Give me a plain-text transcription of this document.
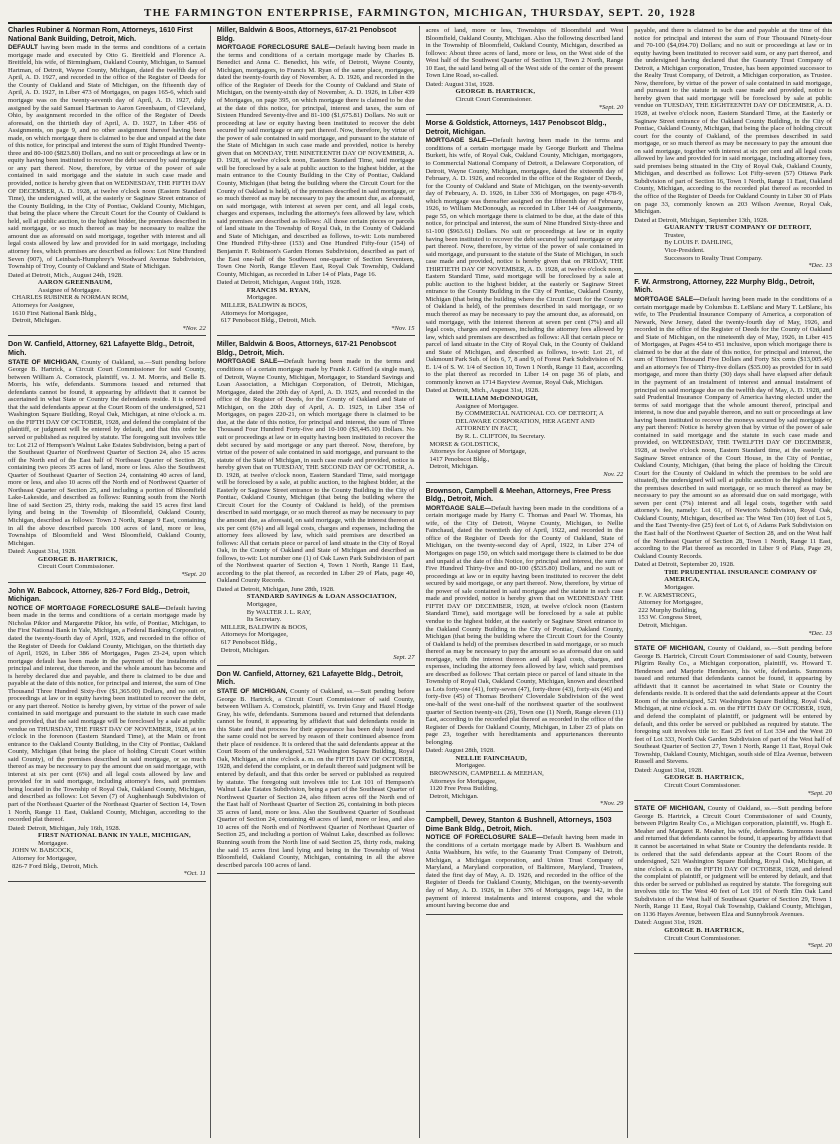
THE FARMINGTON ENTERPRISE, FARMINGTON, MICHIGAN, THURSDAY, SEPT. 20, 1928
Charles Rubiner & Norman Rom, Attorneys, 1610 First National Bank Building, Detroit, Mich.
DEFAULT having been made in the terms and conditions of a certain mortgage made and executed by Otto G. Breitfeld and Florence A. Breitfeld, his wife, of Birmingham, Oakland County, Michigan, to Samuel Hartman, of Detroit, Wayne County, Michigan, dated the twelfth day of April, A. D. 1927, and recorded in the office of the Register of Deeds for the County of Oakland and State of Michigan, on the fifteenth day of April, A. D. 1927, in Liber 473 of Mortgages, on pages 165-6, which said mortgage was on the twenty-seventh day of April, A. D. 1927, duly assigned by the said Samuel Hartman to Aaron Greenbaum, of Cleveland, Ohio, by assignment recorded in the office of the Register of Deeds aforesaid, on the thirtieth day of April, A. D. 1927, in Liber 456 of Assignments, on page 9, and no other assignment thereof having been made, on which mortgage there is claimed to be due and unpaid at the date of this notice, for principal and interest the sum of Eight Hundred Twenty-three and 80-100 ($823.80) Dollars, and no suit or proceedings at law or in equity having been instituted to recover the debt secured by said mortgage or any part thereof. Now, therefore, by virtue of the power of sale contained in said mortgage and the statute in such case made and provided, notice is hereby given that on WEDNESDAY, THE FIFTH DAY OF DECEMBER, A. D. 1928, at twelve o'clock noon (Eastern Standard Time), the undersigned will, at the easterly or Saginaw Street entrance of the County Building, in the City of Pontiac, Oakland County, Michigan, that being the place where the Circuit Court for the County of Oakland is held, sell at public auction, to the highest bidder, the premises described in said mortgage, or so much thereof as may be necessary to realize the amount due as aforesaid on said mortgage, together with interest and all legal costs allowed by law and provided for in said mortgage, including attorney fees, which premises are described as follows: Lot Nine Hundred Seven (907), of Leinbach-Humphrey's Woodward Avenue Subdivision, Township of Troy, County of Oakland and State of Michigan.
Dated at Detroit, Mich., August 24th, 1928.
AARON GREENBAUM,
Assignee of Mortgagee.
CHARLES RUBINER & NORMAN ROM,
Attorneys for Assignee,
1610 First National Bank Bldg.,
Detroit, Michigan.
*Nov. 22
Don W. Canfield, Attorney, 621 Lafayette Bldg., Detroit, Mich.
STATE OF MICHIGAN, County of Oakland, ss.—Suit pending before George B. Hartrick, a Circuit Court Commissioner for said County, between William A. Comstock, plaintiff, vs. J. M. Morris, and Belle B. Morris, his wife, defendants. Summons issued and returned that defendants cannot be found, it appearing by affidavit that it cannot be ascertained in what State or Country the defendants reside. It is ordered that the said defendants appear at the Court Room of the undersigned, 521 Washington Square Building, Royal Oak, Michigan, at nine o'clock a. m. on the FIFTH DAY OF OCTOBER, 1928, and defend the complaint of the plaintiff, or judgment will be entered by default, and that this order be served or published as required by statute. The foregoing suit involves title to: Lot 212 of Hempson's Walnut Lake Estates Subdivision, being a part of the Southeast Quarter of Northwest Quarter of Section 24, also 15 acres off the North end of the East half of Northeast Quarter of Section 26, containing two pieces 35 acres of land, more or less. Also the Southwest Quarter of Southeast Quarter of Section 24, containing 40 acres of land, more or less, and also 10 acres off the North end of Northwest Quarter of Northeast Quarter of Section 25, and including a portion of Bloomfield Lake-Lakeside, and described as follows: Running south from the North line of said Section 25, thirty rods, making the said 15 acres first land lying and being in the Township of Bloomfield, Oakland County, Michigan, described as follows: Town 2 North, Range 9 East, containing in all the above described parcels 100 acres of land, more or less, Townships of Bloomfield and West Bloomfield, Oakland County, Michigan.
Dated: August 31st, 1928.
GEORGE B. HARTRICK,
Circuit Court Commissioner.
*Sept. 20
John W. Babcock, Attorney, 826-7 Ford Bldg., Detroit, Michigan.
NOTICE OF MORTGAGE FORECLOSURE SALE—Default having been made in the terms and conditions of a certain mortgage made by Nicholas Pikior and Margarette Pikior, his wife, of Pontiac, Michigan, to the First National Bank in Yale, Michigan, a Federal Banking Corporation, dated the twenty-fourth day of April, 1926, and recorded in the office of the Register of Deeds for Oakland County, Michigan, on the thirtieth day of April, 1926, in Liber 386 of Mortgages, Pages 23-24, upon which mortgage default has been made in the payment of the instalments of principal and interest, due thereon, and the whole amount has become and is hereby declared due and payable, and there is claimed to be due and payable at the date of this notice, for principal and interest, the sum of One Thousand Three Hundred Sixty-five ($1,365.00) Dollars, and no suit or proceedings at law or in equity having been instituted to recover the debt, or any part thereof. Notice is hereby given, by virtue of the power of sale contained in said mortgage and pursuant to the statute in such case made and provided, that the said mortgage will be foreclosed by a sale at public vendue on THURSDAY, THE FIRST DAY OF NOVEMBER, 1928, at ten o'clock in the forenoon (Eastern Standard Time), at the Main or front entrance to the Oakland County Building, in the City of Pontiac, Oakland County, Michigan (that being the place of holding Circuit Court within said County), of the premises described in said mortgage, or so much thereof as may be necessary to pay the amount due on said mortgage, with interest at six per cent (6%) and all legal costs allowed by law and provided for in said mortgage, including attorney's fees, said premises being located in the Township of Royal Oak, Oakland County, Michigan, and described as follows: Lot Seven (7) of Aughenbaugh Subdivision of part of the Northeast Quarter of the Northeast Quarter of Section 14, Town 1 North, Range 11 East, Oakland County, Michigan, according to the recorded plat thereof.
Dated: Detroit, Michigan, July 16th, 1928.
FIRST NATIONAL BANK IN YALE, MICHIGAN,
Mortgagee.
JOHN W. BABCOCK,
Attorney for Mortgagee,
826-7 Ford Bldg., Detroit, Mich.
*Oct. 11
Miller, Baldwin & Boos, Attorneys, 617-21 Penobscot Bldg.
MORTGAGE FORECLOSURE SALE—Default having been made in the terms and conditions of a certain mortgage made by Charles B. Benedict and Anna C. Benedict, his wife, of Detroit, Wayne County, Michigan, mortgagors, to Francis M. Ryan of the same place, mortgagee, dated the twenty-fourth day of November, A. D. 1926, and recorded in the office of the Register of Deeds for the County of Oakland and State of Michigan, on the twenty-sixth day of November, A. D. 1926, in Liber 439 of Mortgages, on page 395, on which mortgage there is claimed to be due at the date of this notice, for principal, interest and taxes, the sum of Sixteen Hundred Seventy-five and 81-100 ($1,675.81) Dollars. No suit or proceeding at law or equity having been instituted to recover the debt secured by said mortgage or any part thereof. Now, therefore, by virtue of the power of sale contained in said mortgage, and pursuant to the statute of the State of Michigan in such case made and provided, notice is hereby given that on MONDAY, THE NINETEENTH DAY OF NOVEMBER, A. D. 1928, at twelve o'clock noon, Eastern Standard Time, said mortgage will be foreclosed by a sale at public auction to the highest bidder, at the main entrance to the County Building in the City of Pontiac, Oakland County, Michigan (that being the building where the Circuit Court for the County of Oakland is held), of the premises described in said mortgage, or so much thereof as may be necessary to pay the amount due, as aforesaid, on said mortgage, with interest at seven per cent, and all legal costs, charges and expenses, including the attorney's fees allowed by law, which said premises are described as follows: All those certain pieces or parcels of land situate in the Township of Royal Oak, in the County of Oakland and State of Michigan, and described as follows, to-wit: Lots numbered One Hundred Fifty-three (153) and One Hundred Fifty-four (154) of Benjamin F. Robinson's Garden Homes Subdivision, described as part of the East one-half of the Southwest one-quarter of Section Seventeen, Town One North, Range Eleven East, Royal Oak Township, Oakland County, Michigan, as recorded in Liber 14 of Plats, Page 16.
Dated at Detroit, Michigan, August 16th, 1928.
FRANCIS M. RYAN,
Mortgagee.
MILLER, BALDWIN & BOOS,
Attorneys for Mortgagee,
617 Penobscot Bldg., Detroit, Mich.
*Nov. 15
Miller, Baldwin & Boos, Attorneys, 617-21 Penobscot Bldg., Detroit, Mich.
MORTGAGE SALE—Default having been made in the terms and conditions of a certain mortgage made by Frank J. Gifford (a single man), of Detroit, Wayne County, Michigan, Mortgagor, to Standard Savings and Loan Association, a Michigan Corporation, of Detroit, Michigan, Mortgagee, dated the 20th day of April, A. D. 1925, and recorded in the office of the Register of Deeds, for the County of Oakland and State of Michigan, on the 20th day of April, A. D. 1925, in Liber 354 of Mortgages, on pages 220-21, on which mortgage there is claimed to be due, at the date of this notice, for principal and interest, the sum of Three Thousand Four Hundred Forty-five and 10-100 ($3,445.10) Dollars. No suit or proceedings at law or in equity having been instituted to recover the debt secured by said mortgage or any part thereof. Now, therefore, by virtue of the power of sale contained in said mortgage, and pursuant to the statute of the State of Michigan, in such case made and provided, notice is hereby given that on TUESDAY, THE SECOND DAY OF OCTOBER, A. D. 1928, at twelve o'clock noon, Eastern Standard Time, said mortgage will be foreclosed by a sale, at public auction, to the highest bidder, at the Easterly or Saginaw Street entrance to the County Building in the City of Pontiac, Oakland County, Michigan (that being the building where the Circuit Court for the County of Oakland is held), of the premises described in said mortgage, or so much thereof as may be necessary to pay the amount due, as aforesaid, on said mortgage, with the interest thereon at six per cent (6%) and all legal costs, charges and expenses, including the attorney fees allowed by law, which said premises are described as follows: All that certain piece or parcel of land situate in the City of Royal Oak, in the County of Oakland and State of Michigan and described as follows, to-wit: Lot number one (1) of Oak Lawn Park Subdivision of part of the Northwest quarter of Section 4, Town 1 North, Range 11 East, according to the plat thereof, as recorded in Liber 29 of Plats, page 40, Oakland County Records.
Dated at Detroit, Michigan, June 28th, 1928.
STANDARD SAVINGS & LOAN ASSOCIATION,
Mortgagee,
By WALTER J. L. RAY,
Its Secretary.
MILLER, BALDWIN & BOOS,
Attorneys for Mortgagee,
617 Penobscot Bldg.,
Detroit, Michigan.
Sept. 27
Don W. Canfield, Attorney, 621 Lafayette Bldg., Detroit, Mich.
STATE OF MICHIGAN, County of Oakland, ss.—Suit pending before George B. Hartrick, a Circuit Court Commissioner of said County, between William A. Comstock, plaintiff, vs. Irvin Gray and Hazel Hodge Gray, his wife, defendants. Summons issued and returned that defendants cannot be found, it appearing by affidavit that said defendants reside in this State and that process for their appearance has been duly issued and the same could not be served by reason of their continued absence from their place of residence. It is ordered that the said defendants appear at the Court Room of the undersigned, 521 Washington Square Building, Royal Oak, Michigan, at nine o'clock a. m. on the FIFTH DAY OF OCTOBER, 1928, and defend the complaint, or in default thereof said judgment will be entered by default, and that this order be served or published as required by statute. The foregoing suit involves title to: Lot 101 of Hempson's Walnut Lake Estates Subdivision, being a part of the Southeast Quarter of Northwest Quarter of Section 24, also fifteen acres off the North end of the East half of Northeast Quarter of Section 26, containing in both pieces 35 acres of land, more or less. Also the Southwest Quarter of Southeast Quarter of Section 24, containing 40 acres of land, more or less, and also 10 acres off the North end of Northwest Quarter of Northeast Quarter of Section 25, and including a portion of Walnut Lake, described as follows: Running south from the North line of said Section 25, thirty rods, making the said 15 acres first land lying and being in the Township of West Bloomfield, Oakland County, Michigan, containing in all the above described parcels 100 acres of land.
acres of land, more or less, Townships of Bloomfield and West Bloomfield, Oakland County, Michigan. Also the following described land in the Township of Bloomfield, Oakland County, Michigan, described as follows: About three acres of land, more or less, on the West side of the West half of the Southwest Quarter of Section 13, Town 2 North, Range 10 East, the said land being all of the West side of the center of the present Town Line Road, so-called.
Dated: August 31st, 1928.
GEORGE B. HARTRICK,
Circuit Court Commissioner.
*Sept. 20
Morse & Goldstick, Attorneys, 1417 Penobscot Bldg., Detroit, Michigan.
MORTGAGE SALE—Default having been made in the terms and conditions of a certain mortgage made by George Burkett and Thelma Burkett, his wife, of Royal Oak, Oakland County, Michigan, mortgagors, to Commercial National Company of Detroit, a Delaware Corporation, of Detroit, Wayne County, Michigan, mortgagee, dated the sixteenth day of February, A. D. 1926, and recorded in the office of the Register of Deeds, for the County of Oakland and State of Michigan, on the twenty-seventh day of February, A. D. 1926, in Liber 336 of Mortgages, on page 478-9, which mortgage was thereafter assigned on the fifteenth day of February, 1926, to William McDonough, as recorded in Liber 144 of Assignments, page 55, on which mortgage there is claimed to be due, at the date of this notice, for principal and interest, the sum of Nine Hundred Sixty-three and 61-100 ($963.61) Dollars. No suit or proceedings at law or in equity having been instituted to recover the debt secured by said mortgage or any part thereof. Now, therefore, by virtue of the power of sale contained in said mortgage, and pursuant to the statute of the State of Michigan, in such case made and provided, notice is hereby given that on FRIDAY, THE THIRTIETH DAY OF NOVEMBER, A. D. 1928, at twelve o'clock noon, Eastern Standard Time, said mortgage will be foreclosed by a sale at public auction to the highest bidder, at the easterly or Saginaw Street entrance to the County Building in the City of Pontiac, Oakland County, Michigan (that being the building where the Circuit Court for the County of Oakland is held), of the premises described in said mortgage, or so much thereof as may be necessary to pay the amount due, as aforesaid, on said mortgage, with the interest thereon at seven per cent (7%) and all legal costs, charges and expenses, including the attorney fees allowed by law, which said premises are described as follows: All that certain piece or parcel of land situate in the City of Royal Oak, in the County of Oakland and State of Michigan, and described as follows, to-wit: Lot 21, of Oakmount Park Sub. of lots 6, 7, 8 and 9, of Forest Park Subdivision of N. E. 1/4 of S. W. 1/4 of Section 10, Town 1 North, Range 11 East, according to the plat thereof as recorded in Liber 14 on page 36 of plats, and commonly known as 1714 Bayview Avenue, Royal Oak, Michigan.
Dated at Detroit, Mich., August 31st, 1928.
WILLIAM McDONOUGH,
Assignee of Mortgagee.
By COMMERCIAL NATIONAL CO. OF DETROIT, A DELAWARE CORPORATION, HER AGENT AND ATTORNEY IN FACT,
By R. L. CLIFTON, Its Secretary.
MORSE & GOLDSTICK,
Attorneys for Assignee of Mortgage,
1417 Penobscot Bldg.,
Detroit, Michigan.
Nov. 22
Brownson, Campbell & Meehan, Attorneys, Free Press Bldg., Detroit, Mich.
MORTGAGE SALE—Default having been made in the conditions of a certain mortgage made by Harry C. Thomas and Pearl W. Thomas, his wife, of the City of Detroit, Wayne County, Michigan, to Nellie Fainchaud, dated the twentieth day of April, 1922, and recorded in the office of the Register of Deeds for the County of Oakland, State of Michigan, on the twenty-second day of April, 1922, in Liber 274 of Mortgages on page 150, on which said mortgage there is claimed to be due and unpaid at the date of this Notice, for principal and interest, the sum of Five Hundred Thirty-five and 80-100 ($535.80) Dollars, and no suit or proceedings at law or in equity having been instituted to recover the debt secured by said mortgage, or any part thereof. Now, therefore, by virtue of the power of sale contained in said mortgage and the statute in such case made and provided, notice is hereby given that on WEDNESDAY THE FIFTH DAY OF DECEMBER, 1928, at twelve o'clock noon (Eastern Standard Time), said mortgage will be foreclosed by a sale at public vendue to the highest bidder, at the easterly or Saginaw Street entrance to the Oakland County Building in the City of Pontiac, Oakland County, Michigan (that being the building where the Circuit Court for the County of Oakland is held) of the premises described in said mortgage, or so much thereof as may be necessary to pay the amount so as aforesaid due on said mortgage, with the interest thereon and all legal costs, charges, and expenses, including the attorney fees allowed by law, which said premises are described as follows: That certain piece or parcel of land situate in the Township of Royal Oak, Oakland County, Michigan, known and described as Lots forty-one (41), forty-seven (47), forty-three (43), forty-six (46) and forty-five (45) of Thomas Brothers' Cloverdale Subdivision of the west one-half of the west one-half of the northwest quarter of the southwest quarter of Section twenty-six (26), Town one (1) North, Range eleven (11) East, according to the recorded plat thereof as recorded in the office of the Register of Deeds for Oakland County, Michigan, in Liber 23 of plats on page 23, together with hereditaments and appurtenances thereunto belonging.
Dated: August 28th, 1928.
NELLIE FAINCHAUD,
Mortgagee.
BROWNSON, CAMPBELL & MEEHAN,
Attorneys for Mortgagee,
1120 Free Press Building,
Detroit, Michigan.
*Nov. 29
Campbell, Dewey, Stanton & Bushnell, Attorneys, 1503 Dime Bank Bldg., Detroit, Mich.
NOTICE OF FORECLOSURE SALE—Default having been made in the conditions of a certain mortgage made by Albert B. Washburn and Anita Washburn, his wife, to the Guaranty Trust Company of Detroit, Michigan, a Michigan corporation, and Union Trust Company of Maryland, a Maryland corporation, of Baltimore, Maryland, Trustees, dated the first day of May, A. D. 1926, and recorded in the office of the Register of Deeds for Oakland County, Michigan, on the twenty-seventh day of May, A. D. 1926, in Liber 376 of Mortgages, page 142, in the payment of interest instalments and interest coupons, and the whole amount having become due and
payable, and there is claimed to be due and payable at the time of this notice for principal and interest the sum of Four Thousand Ninety-four and 70-100 ($4,094.70) Dollars; and no suit or proceedings at law or in equity having been instituted to recover said sum, or any part thereof, and the undersigned having declared that the Guaranty Trust Company of Detroit, a Michigan corporation, Trustee, has been appointed successor to the Realty Trust Company, of Detroit, a Michigan corporation, as Trustee. Now, therefore, by virtue of the power of sale contained in said mortgage, and pursuant to the statute in such case made and provided, notice is hereby given that said mortgage will be foreclosed by sale at public vendue on TUESDAY, THE EIGHTEENTH DAY OF DECEMBER, A. D. 1928, at twelve o'clock noon, Eastern Standard Time, at the Easterly or Saginaw Street entrance of the Oakland County Building, in the City of Pontiac, Oakland County, Michigan, that being the place of holding circuit court for the county of Oakland, of the premises described in said mortgage, or so much thereof as may be necessary to pay the amount due on said mortgage, together with interest at six per cent and all legal costs allowed by law and provided for in said mortgage, including attorney fees, said premises being situated in the City of Royal Oak, Oakland County, Michigan, and described as follows: Lot Fifty-seven (57) Ottawa Park Subdivision of part of Section 16, Town 1 North, Range 11 East, Oakland County, Michigan, according to the recorded plat thereof as recorded in the office of the Register of Deeds for Oakland County in Liber 30 of Plats on page 33, commonly known as 203 Wilson Avenue, Royal Oak, Michigan.
Dated at Detroit, Michigan, September 13th, 1928.
GUARANTY TRUST COMPANY OF DETROIT,
Trustee,
By LOUIS F. DAHLING,
Vice-President.
Successors to Realty Trust Company.
*Dec. 13
F. W. Armstrong, Attorney, 222 Murphy Bldg., Detroit, Mich.
MORTGAGE SALE—Default having been made in the conditions of a certain mortgage made by Columbus E. LeBlanc and Mary T. LeBlanc, his wife, to The Prudential Insurance Company of America, a corporation of Newark, New Jersey, dated the twenty-fourth day of May, 1926, and recorded in the office of the Register of Deeds for the County of Oakland and State of Michigan, on the nineteenth day of May, 1926, in Liber 415 of Mortgages, at Pages 454 to 451 inclusive, upon which mortgage there is claimed to be due at the date of this notice, for principal and interest, the sum of Thirteen Thousand Five Dollars and Forty Six cents ($13,005.46) and an attorney's fee of Thirty-five dollars ($35.00) as provided for in said mortgage, and more than thirty (30) days shall have elapsed after default in the payment of an instalment of interest and annual instalment of principal on said mortgage due on the twelfth day of May, A. D. 1928, and said Prudential Insurance Company of America having elected under the terms of said mortgage that the whole amount thereof, principal and interest, is now due and payable thereon, and no suit or proceedings at law having been instituted to recover the moneys secured by said mortgage or any part thereof: Notice is hereby given that by virtue of the power of sale contained in said mortgage and the statute in such case made and provided, on WEDNESDAY, THE TWELFTH DAY OF DECEMBER, 1928, at twelve o'clock noon, Eastern Standard time, at the easterly or Saginaw Street entrance of the Court House, in the City of Pontiac, Oakland County, Michigan, (that being the place of holding the Circuit Court for the County of Oakland in which the premises to be sold are situated), the undersigned will sell at public auction to the highest bidder, the premises described in said mortgage, or so much thereof as may be necessary to pay the amount so as aforesaid due on said mortgage, with seven per cent (7%) interest and all legal costs, together with said attorney's fee, namely: Lot 61, of Newton's Subdivision, Royal Oak, Oakland County, Michigan, described as: The West Ten (10) feet of Lot 5, and the East Twenty-five (25) feet of Lot 6, of Adams Park Subdivision on the East half of the Northwest Quarter of Section 28, and on the West half of the Northeast Quarter of Section 28, Town 1 North, Range 11 East, according to the Plat thereof as recorded in Liber 9 of Plats, Page 29, Oakland County Records.
Dated at Detroit, September 20, 1928.
THE PRUDENTIAL INSURANCE COMPANY OF AMERICA,
Mortgagee.
F. W. ARMSTRONG,
Attorney for Mortgagee,
222 Murphy Building,
153 W. Congress Street,
Detroit, Michigan.
*Dec. 13
STATE OF MICHIGAN, County of Oakland, ss.—Suit pending before George B. Hartrick, Circuit Court Commissioner of said County, between Pilgrim Realty Co., a Michigan corporation, plaintiff, vs. Howard T. Henderson and Marjorie Henderson, his wife, defendants. Summons issued and returned that defendants cannot be found, it appearing by affidavit that it cannot be ascertained in what State or Country the defendants reside. It is ordered that the said defendants appear at the Court Room of the undersigned, 521 Washington Square Building, Royal Oak, Michigan, at nine o'clock a. m. on the FIFTH DAY OF OCTOBER, 1928, and defend the complaint of plaintiff, or judgment will be entered by default, and this order be served or published as required by statute. The foregoing suit involves title to: East 25 feet of Lot 334 and the West 20 feet of Lot 333, North Oak Garden Subdivision of part of the West half of Southeast Quarter of Section 27, Town 1 North, Range 11 East, Royal Oak Township, Oakland County, Michigan, south side of Elza Avenue, between Russell and Stevens.
Dated: August 31st, 1928.
GEORGE B. HARTRICK,
Circuit Court Commissioner.
*Sept. 20
STATE OF MICHIGAN, County of Oakland, ss.—Suit pending before George B. Hartrick, a Circuit Court Commissioner of said County, between Pilgrim Realty Co., a Michigan corporation, plaintiff, vs. Hugh E. Meaher and Margaret R. Meaher, his wife, defendants. Summons issued and returned that defendants cannot be found, it appearing by affidavit that it cannot be ascertained in what State or Country the defendants reside. It is ordered that the said defendants appear at the Court Room of the undersigned, 521 Washington Square Building, Royal Oak, Michigan, at nine o'clock a. m. on the FIFTH DAY OF OCTOBER, 1928, and defend the complaint of plaintiff, or judgment will be entered by default, and that this order be served or published as required by statute. The foregoing suit involves title to: The West 40 feet of Lot 191 of North Elm Oak Land Subdivision of the West half of Southeast Quarter of Section 29, Town 1 North, Range 11 East, Royal Oak Township, Oakland County, Michigan, on 1136 Hayes Avenue, between Elza and Sunnybrook Avenues.
Dated: August 31st, 1928.
GEORGE B. HARTRICK,
Circuit Court Commissioner.
*Sept. 20
